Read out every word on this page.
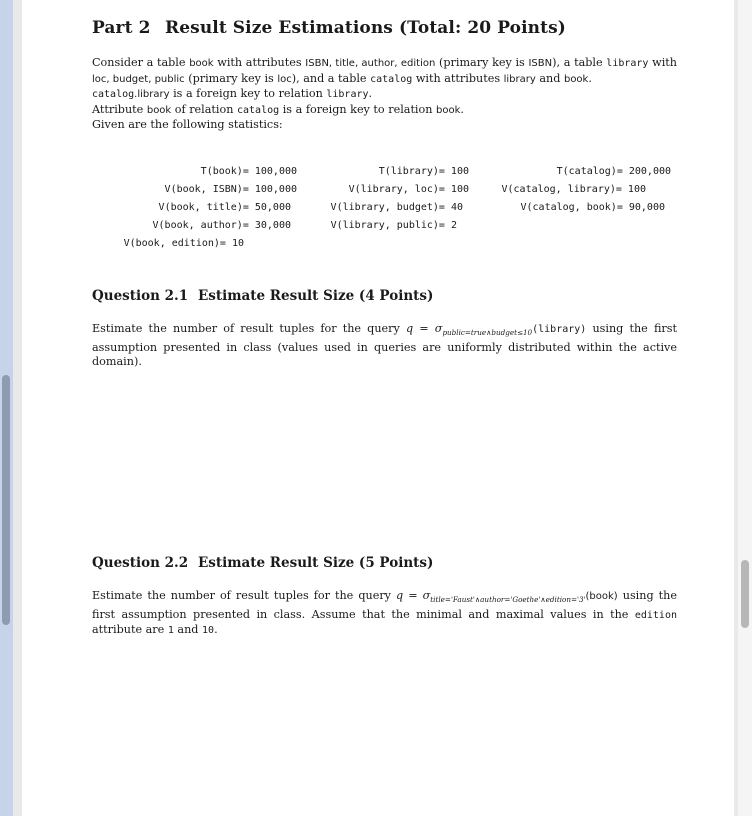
Part 2 Result Size Estimations (Total: 20 Points)

Consider a table book with attributes ISBN, title, author, edition (primary key is ISBN), a table library with loc, budget, public (primary key is loc), and a table catalog with attributes library and book.
catalog.library is a foreign key to relation library.
Attribute book of relation catalog is a foreign key to relation book.
Given are the following statistics:

T(book)= 100,000
V(book, ISBN)= 100,000
V(book, title)= 50,000
V(book, author)= 30,000
V(book, edition)= 10
T(library)= 100
V(library, loc)= 100
V(library, budget)= 40
V(library, public)= 2
T(catalog)= 200,000
V(catalog, library)= 100
V(catalog, book)= 90,000
Question 2.1 Estimate Result Size (4 Points)

Estimate the number of result tuples for the query $q = \sigma_{public=true\wedge budget\le 10}(library)$ using the first assumption presented in class (values used in queries are uniformly distributed within the active domain).

Question 2.2 Estimate Result Size (5 Points)

Estimate the number of result tuples for the query $q = \sigma_{title='Faust'\wedge author='Goethe'\wedge edition='3'}(book)$ using the first assumption presented in class. Assume that the minimal and maximal values in the edition attribute are 1 and 10.
